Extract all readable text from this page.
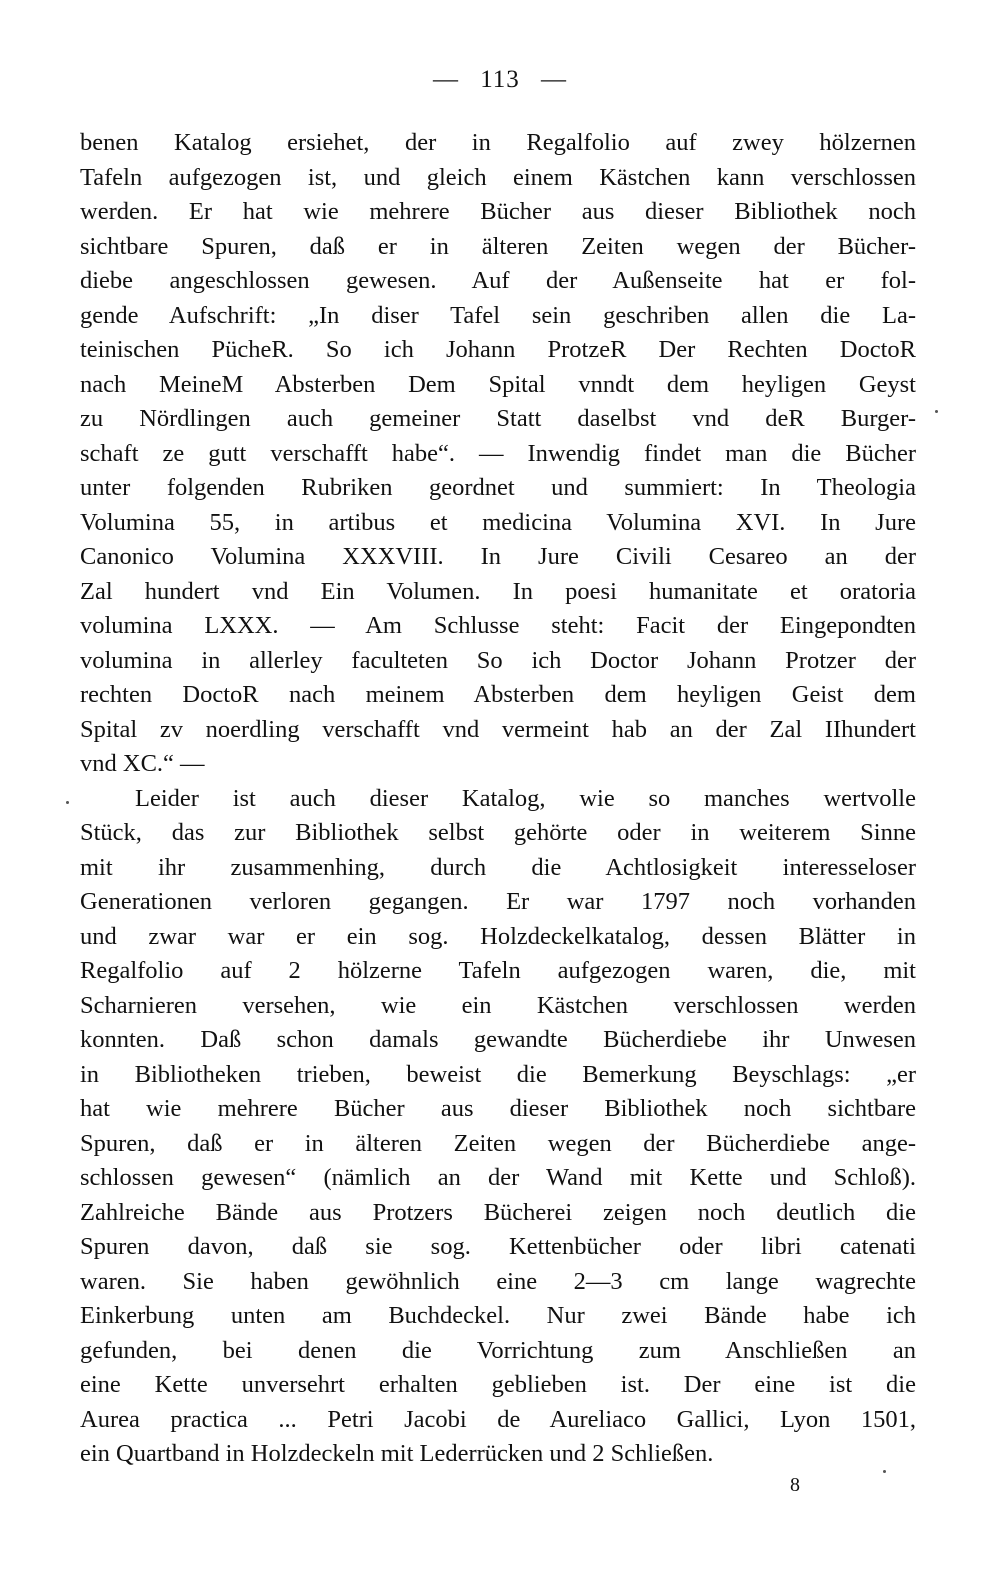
— 113 —
benen Katalog ersiehet, der in Regalfolio auf zwey hölzernen
Tafeln aufgezogen ist, und gleich einem Kästchen kann verschlossen
werden. Er hat wie mehrere Bücher aus dieser Bibliothek noch
sichtbare Spuren, daß er in älteren Zeiten wegen der Bücher-
diebe angeschlossen gewesen. Auf der Außenseite hat er fol-
gende Aufschrift: „In diser Tafel sein geschriben allen die La-
teinischen PücheR. So ich Johann ProtzeR Der Rechten DoctoR
nach MeineM Absterben Dem Spital vnndt dem heyligen Geyst
zu Nördlingen auch gemeiner Statt daselbst vnd deR Burger-
schaft ze gutt verschafft habe“. — Inwendig findet man die Bücher
unter folgenden Rubriken geordnet und summiert: In Theologia
Volumina 55, in artibus et medicina Volumina XVI. In Jure
Canonico Volumina XXXVIII. In Jure Civili Cesareo an der
Zal hundert vnd Ein Volumen. In poesi humanitate et oratoria
volumina LXXX. — Am Schlusse steht: Facit der Eingepondten
volumina in allerley faculteten So ich Doctor Johann Protzer der
rechten DoctoR nach meinem Absterben dem heyligen Geist dem
Spital zv noerdling verschafft vnd vermeint hab an der Zal IIhundert
vnd XC.“ —
Leider ist auch dieser Katalog, wie so manches wertvolle
Stück, das zur Bibliothek selbst gehörte oder in weiterem Sinne
mit ihr zusammenhing, durch die Achtlosigkeit interesseloser
Generationen verloren gegangen. Er war 1797 noch vorhanden
und zwar war er ein sog. Holzdeckelkatalog, dessen Blätter in
Regalfolio auf 2 hölzerne Tafeln aufgezogen waren, die, mit
Scharnieren versehen, wie ein Kästchen verschlossen werden
konnten. Daß schon damals gewandte Bücherdiebe ihr Unwesen
in Bibliotheken trieben, beweist die Bemerkung Beyschlags: „er
hat wie mehrere Bücher aus dieser Bibliothek noch sichtbare
Spuren, daß er in älteren Zeiten wegen der Bücherdiebe ange-
schlossen gewesen“ (nämlich an der Wand mit Kette und Schloß).
Zahlreiche Bände aus Protzers Bücherei zeigen noch deutlich die
Spuren davon, daß sie sog. Kettenbücher oder libri catenati
waren. Sie haben gewöhnlich eine 2—3 cm lange wagrechte
Einkerbung unten am Buchdeckel. Nur zwei Bände habe ich
gefunden, bei denen die Vorrichtung zum Anschließen an
eine Kette unversehrt erhalten geblieben ist. Der eine ist die
Aurea practica ... Petri Jacobi de Aureliaco Gallici, Lyon 1501,
ein Quartband in Holzdeckeln mit Lederrücken und 2 Schließen.
8
